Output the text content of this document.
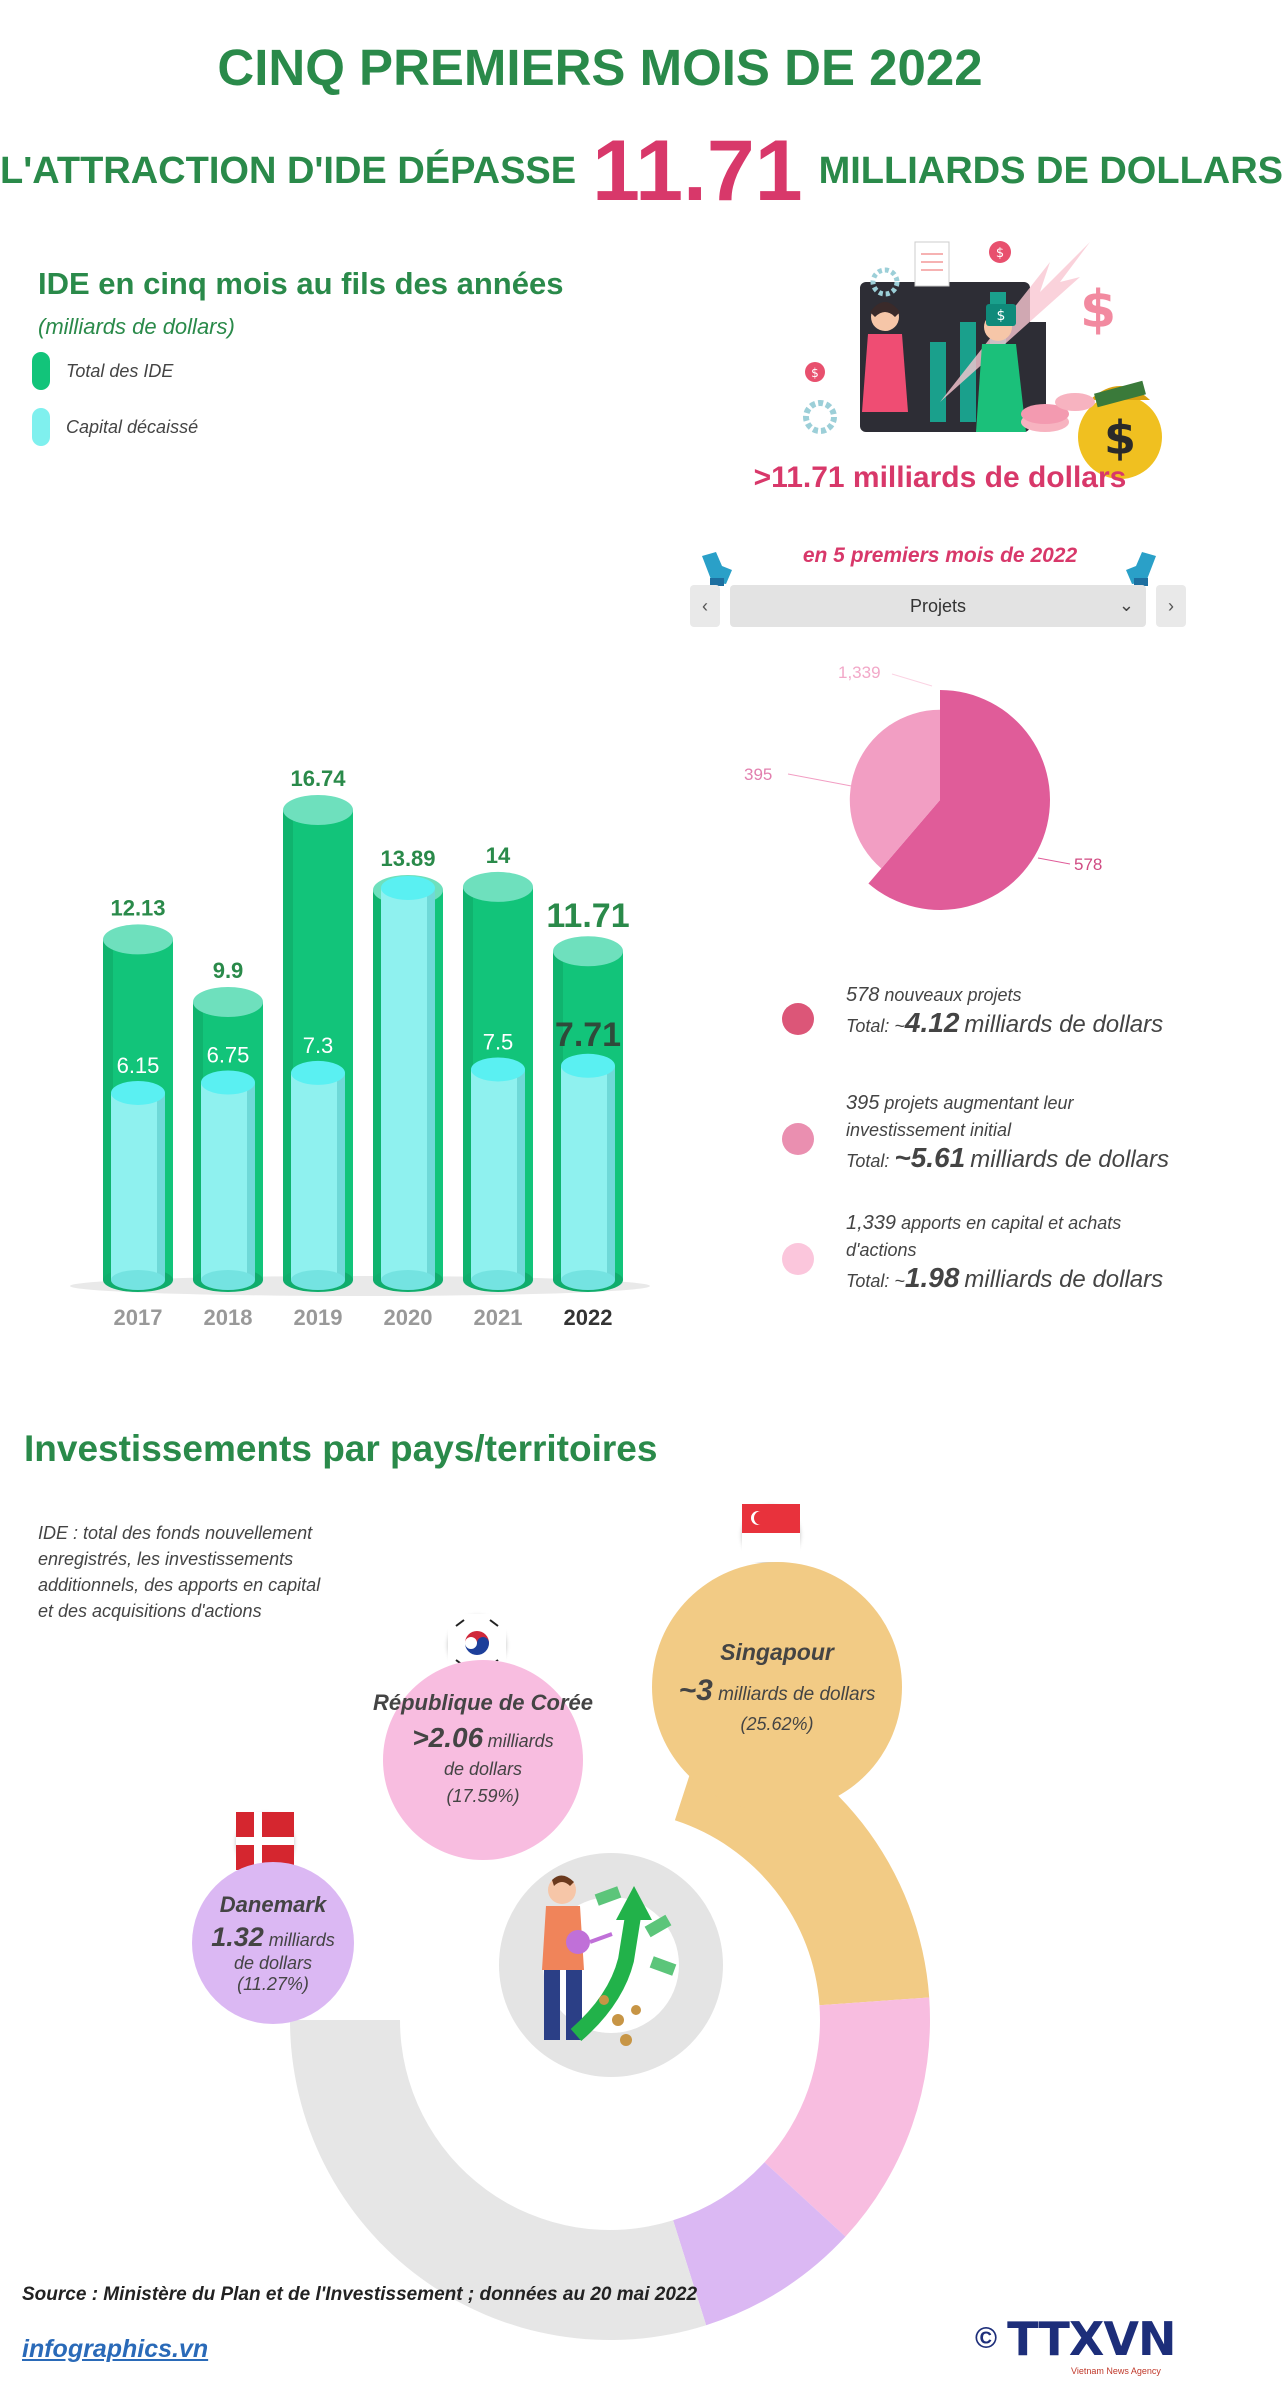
CINQ PREMIERS MOIS DE 2022
L'ATTRACTION D'IDE DÉPASSE 11.71 MILLIARDS DE DOLLARS
IDE en cinq mois au fils des années
(milliards de dollars)
Total des IDE
Capital décaissé
12.13
6.15
2017
9.9
6.75
2018
16.74
7.3
2019
13.89
2020
14
7.5
2021
11.71
7.71
2022
$
$
$ $
$
>11.71 milliards de dollars
en 5 premiers mois de 2022
‹	Projets	⌄ ›
578
395
1,339
578 nouveaux projets
Total: ~4.12 milliards de dollars
395 projets augmentant leur
investissement initial
Total: ~5.61 milliards de dollars
1,339 apports en capital et achats
d'actions
Total: ~1.98 milliards de dollars
Investissements par pays/territoires
IDE : total des fonds nouvellement enregistrés, les investissements additionnels, des apports en capital et des acquisitions d'actions
Singapour
~3 milliards de dollars
(25.62%)
République de Corée
>2.06 milliards
de dollars
(17.59%)
Danemark
1.32 milliards
de dollars
(11.27%)
Source : Ministère du Plan et de l'Investissement ; données au 20 mai 2022
infographics.vn	© TTXVN
Vietnam News Agency
